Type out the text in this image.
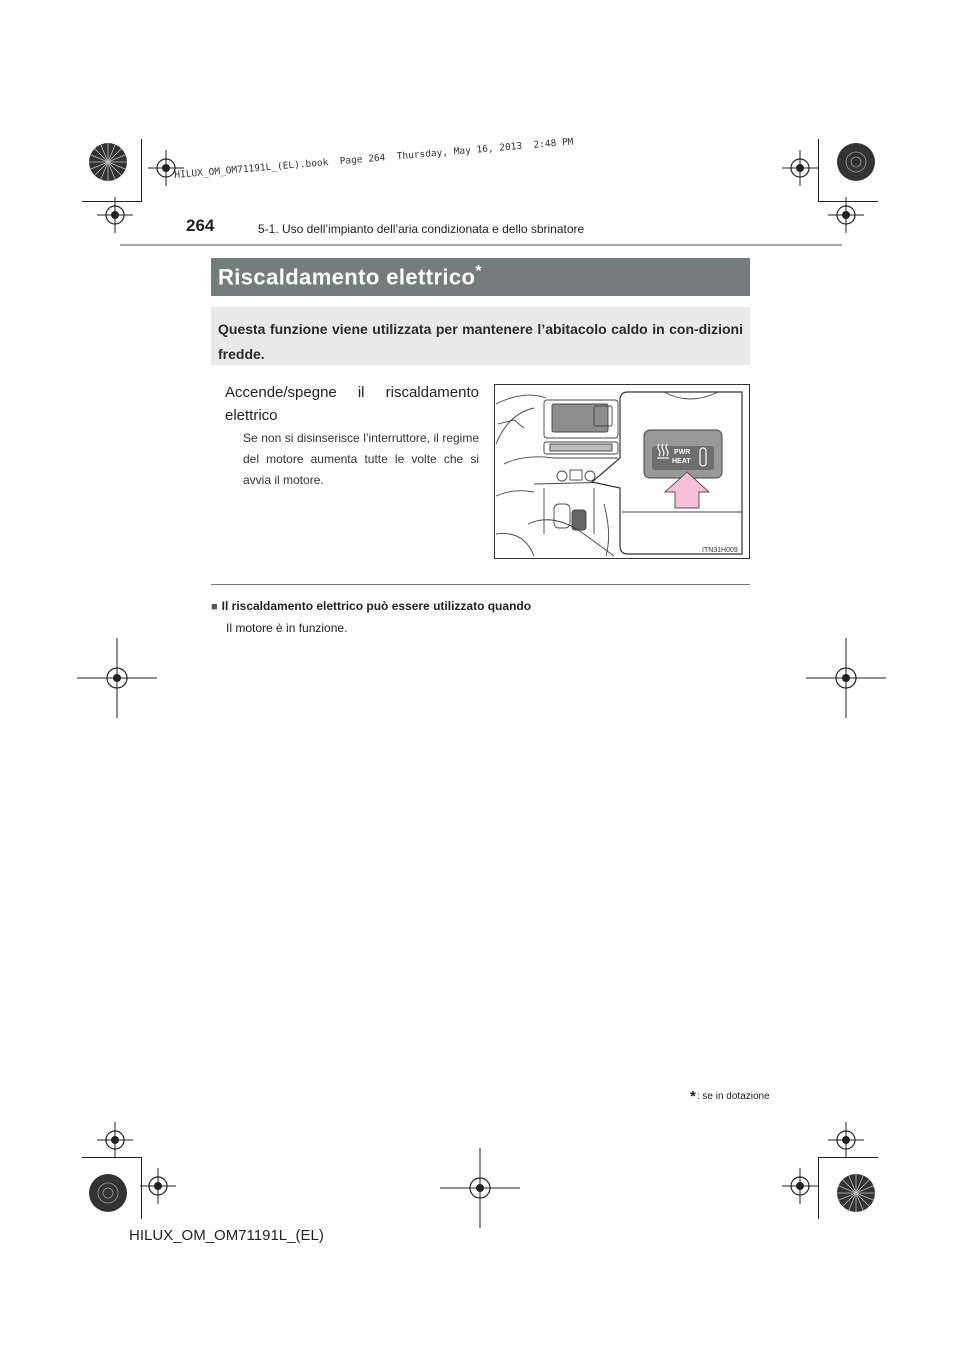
HILUX_OM_OM71191L_(EL).book  Page 264  Thursday, May 16, 2013  2:48 PM
264	5-1. Uso dell’impianto dell’aria condizionata e dello sbrinatore
Riscaldamento elettrico*
Questa funzione viene utilizzata per mantenere l’abitacolo caldo in con-dizioni fredde.
Accende/spegne il riscaldamento elettrico
Se non si disinserisce l’interruttore, il regime del motore aumenta tutte le volte che si avvia il motore.
PWR
HEAT
ITN31H009
■ Il riscaldamento elettrico può essere utilizzato quando
Il motore è in funzione.
*: se in dotazione
HILUX_OM_OM71191L_(EL)
